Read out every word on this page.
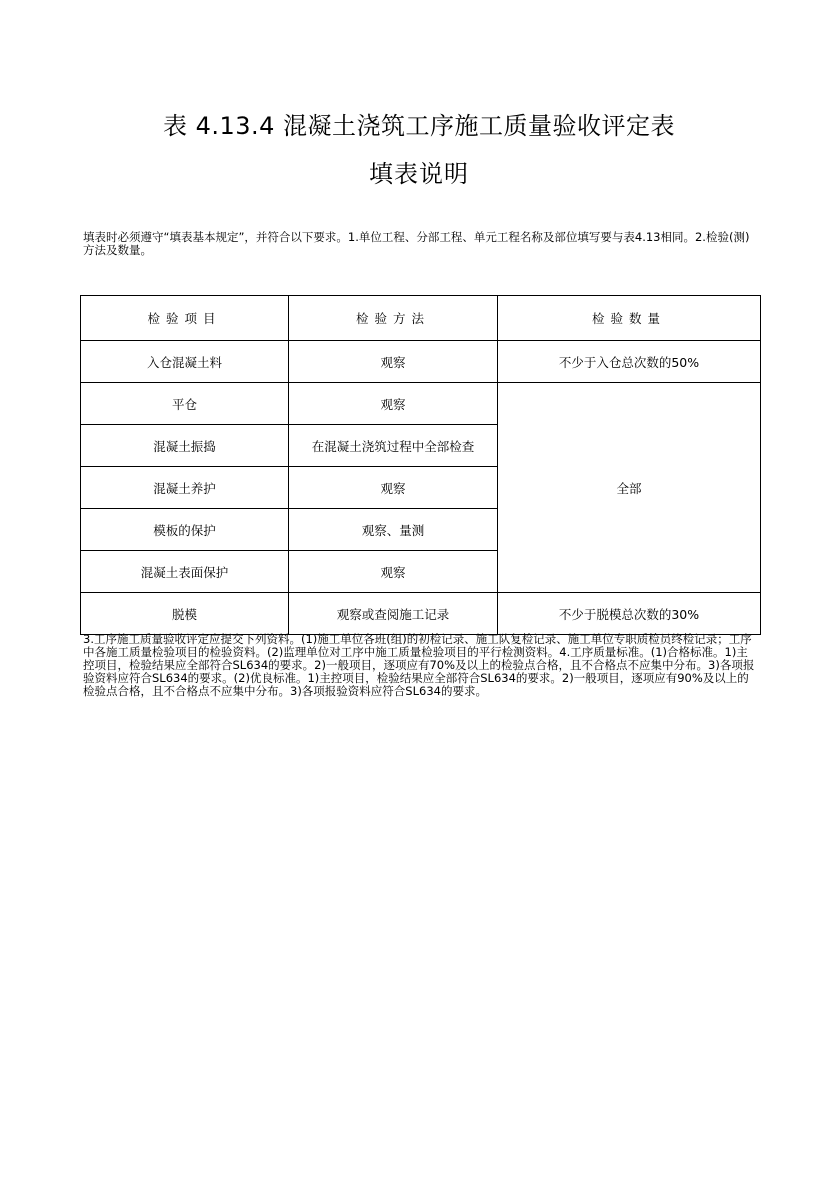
表 4.13.4 混凝土浇筑工序施工质量验收评定表
填表说明
填表时必须遵守“填表基本规定”，并符合以下要求。1.单位工程、分部工程、单元工程名称及部位填写要与表4.13相同。2.检验(测)方法及数量。
检验项目	检验方法	检验数量
入仓混凝土料	观察	不少于入仓总次数的50%
平仓	观察	全部
混凝土振捣	在混凝土浇筑过程中全部检查	
混凝土养护	观察	
模板的保护	观察、量测	
混凝土表面保护	观察	
脱模	观察或查阅施工记录	不少于脱模总次数的30%
3.工序施工质量验收评定应提交下列资料。(1)施工单位各班(组)的初检记录、施工队复检记录、施工单位专职质检员终检记录；工序中各施工质量检验项目的检验资料。(2)监理单位对工序中施工质量检验项目的平行检测资料。4.工序质量标准。(1)合格标准。1)主控项目，检验结果应全部符合SL634的要求。2)一般项目，逐项应有70%及以上的检验点合格，且不合格点不应集中分布。3)各项报验资料应符合SL634的要求。(2)优良标准。1)主控项目，检验结果应全部符合SL634的要求。2)一般项目，逐项应有90%及以上的检验点合格，且不合格点不应集中分布。3)各项报验资料应符合SL634的要求。
